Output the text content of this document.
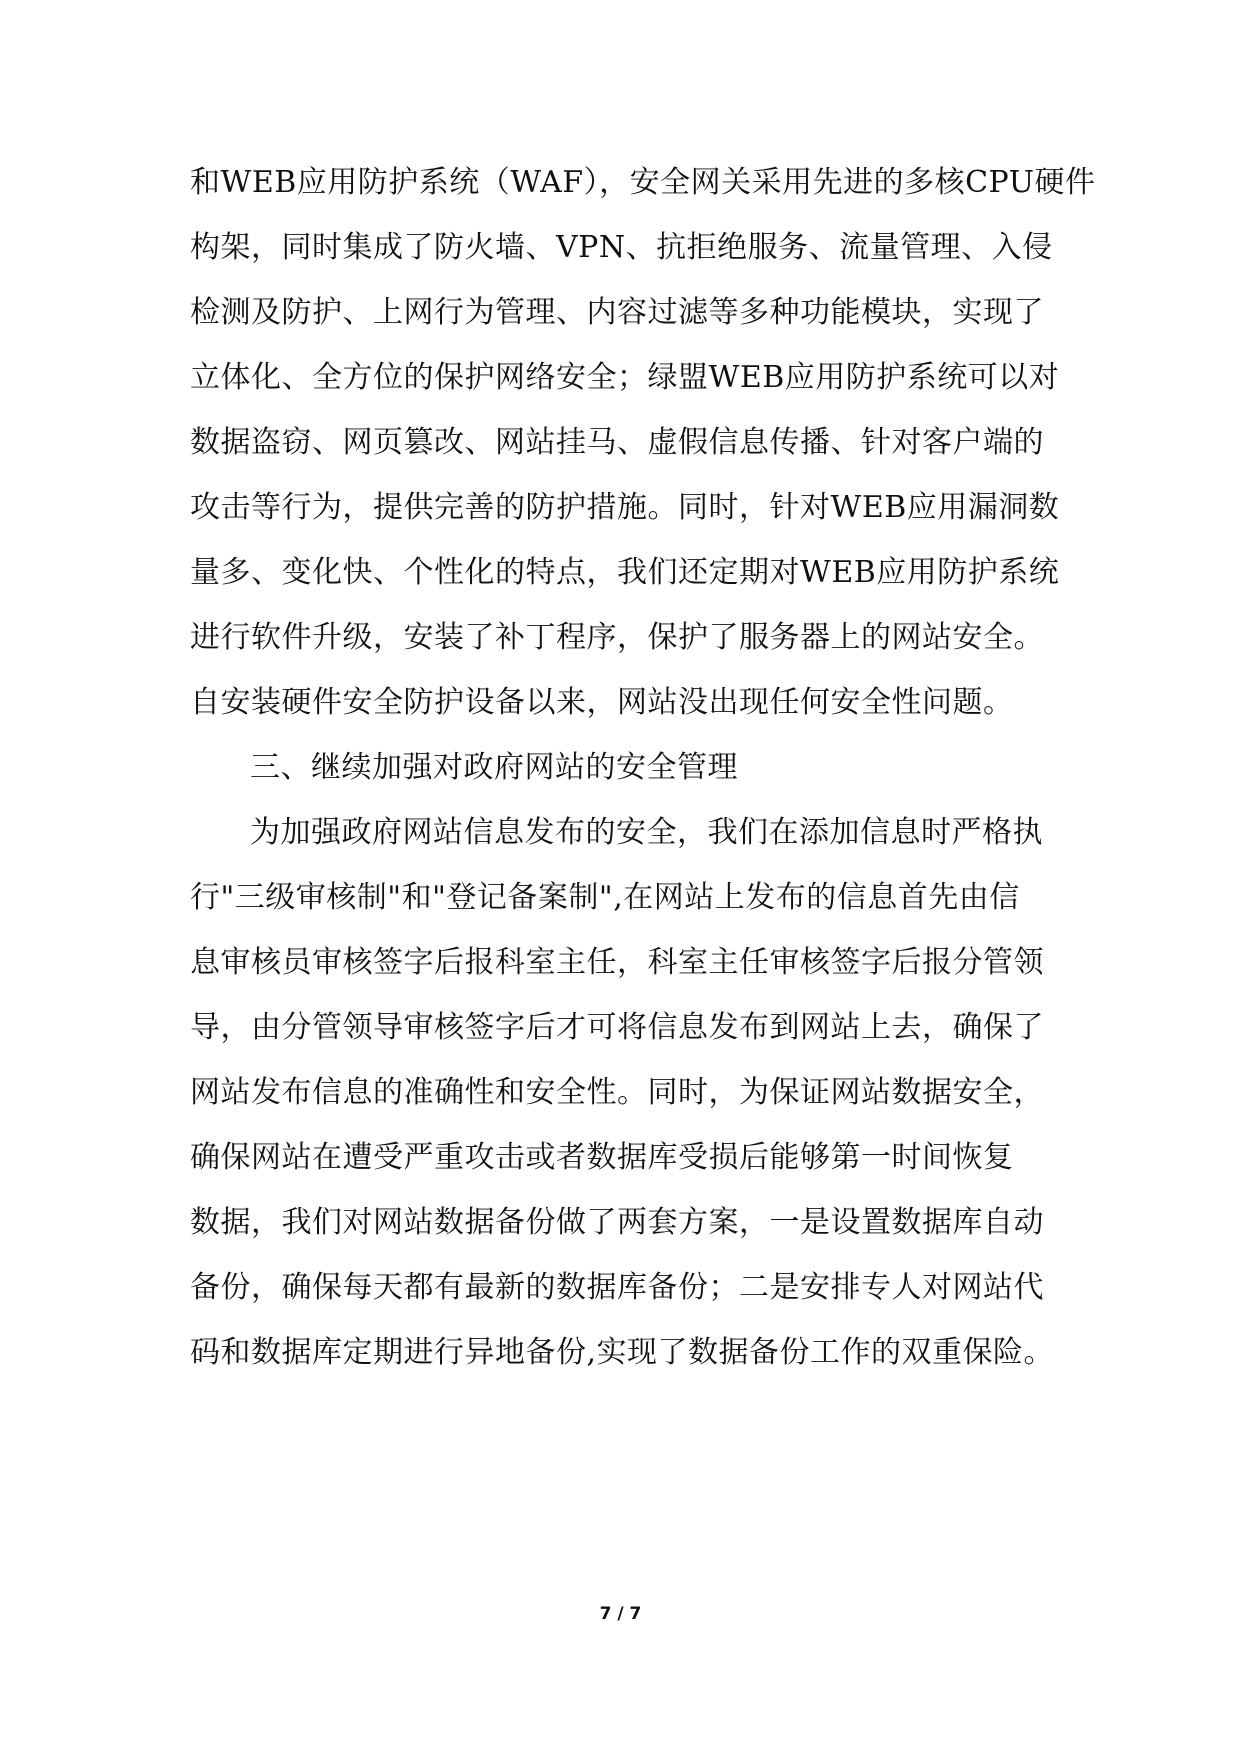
和WEB应用防护系统（WAF），安全网关采用先进的多核CPU硬件
构架，同时集成了防火墙、VPN、抗拒绝服务、流量管理、入侵
检测及防护、上网行为管理、内容过滤等多种功能模块，实现了
立体化、全方位的保护网络安全；绿盟WEB应用防护系统可以对
数据盗窃、网页篡改、网站挂马、虚假信息传播、针对客户端的
攻击等行为，提供完善的防护措施。同时，针对WEB应用漏洞数
量多、变化快、个性化的特点，我们还定期对WEB应用防护系统
进行软件升级，安装了补丁程序，保护了服务器上的网站安全。
自安装硬件安全防护设备以来，网站没出现任何安全性问题。
三、继续加强对政府网站的安全管理
为加强政府网站信息发布的安全，我们在添加信息时严格执
行"三级审核制"和"登记备案制",在网站上发布的信息首先由信
息审核员审核签字后报科室主任，科室主任审核签字后报分管领
导，由分管领导审核签字后才可将信息发布到网站上去，确保了
网站发布信息的准确性和安全性。同时，为保证网站数据安全，
确保网站在遭受严重攻击或者数据库受损后能够第一时间恢复
数据，我们对网站数据备份做了两套方案，一是设置数据库自动
备份，确保每天都有最新的数据库备份；二是安排专人对网站代
码和数据库定期进行异地备份,实现了数据备份工作的双重保险。
7 / 7
